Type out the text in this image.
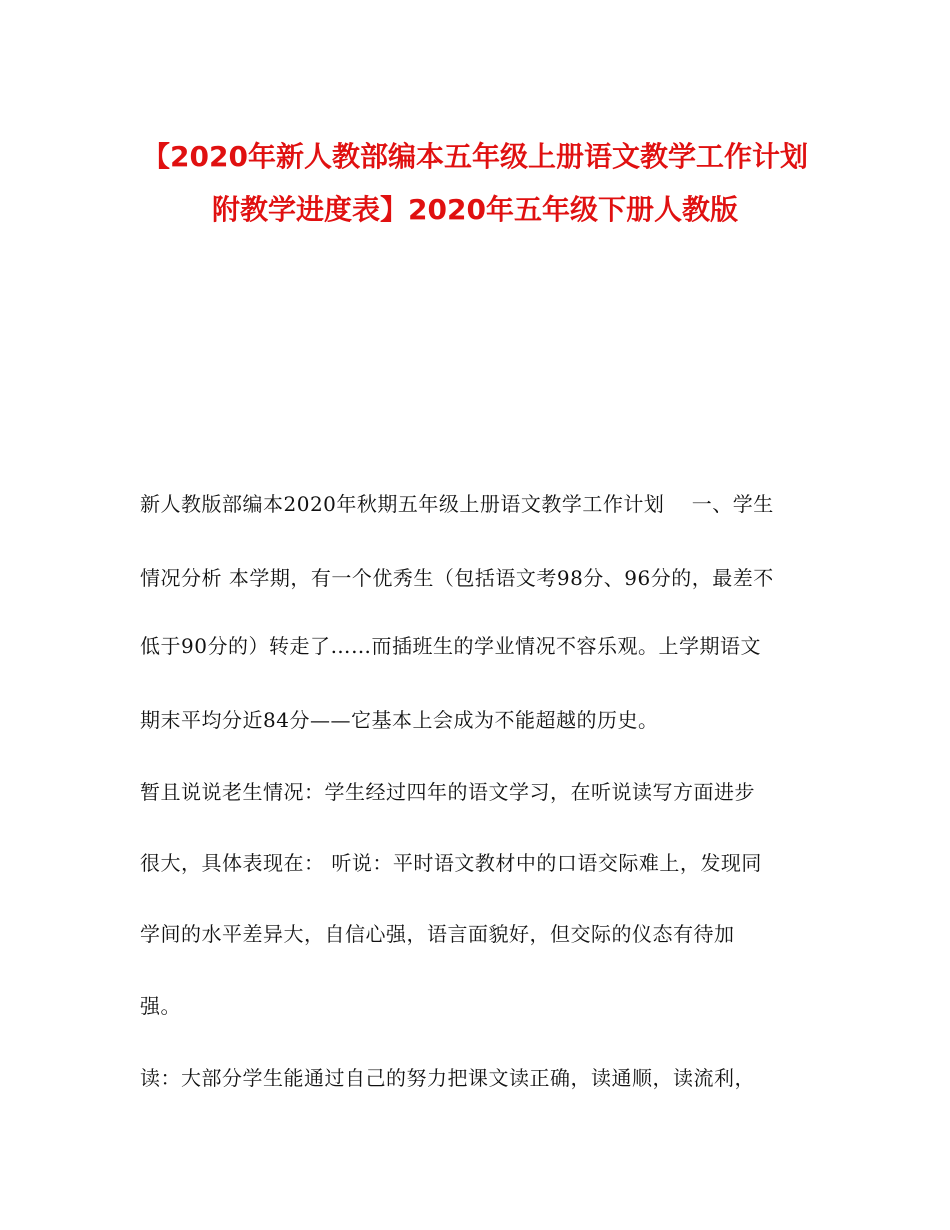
【2020年新人教部编本五年级上册语文教学工作计划
附教学进度表】2020年五年级下册人教版
新人教版部编本2020年秋期五年级上册语文教学工作计划　 一、学生
情况分析 本学期，有一个优秀生（包括语文考98分、96分的，最差不
低于90分的）转走了……而插班生的学业情况不容乐观。上学期语文
期末平均分近84分——它基本上会成为不能超越的历史。
暂且说说老生情况：学生经过四年的语文学习，在听说读写方面进步
很大，具体表现在： 听说：平时语文教材中的口语交际难上，发现同
学间的水平差异大，自信心强，语言面貌好，但交际的仪态有待加
强。
读：大部分学生能通过自己的努力把课文读正确，读通顺，读流利，
